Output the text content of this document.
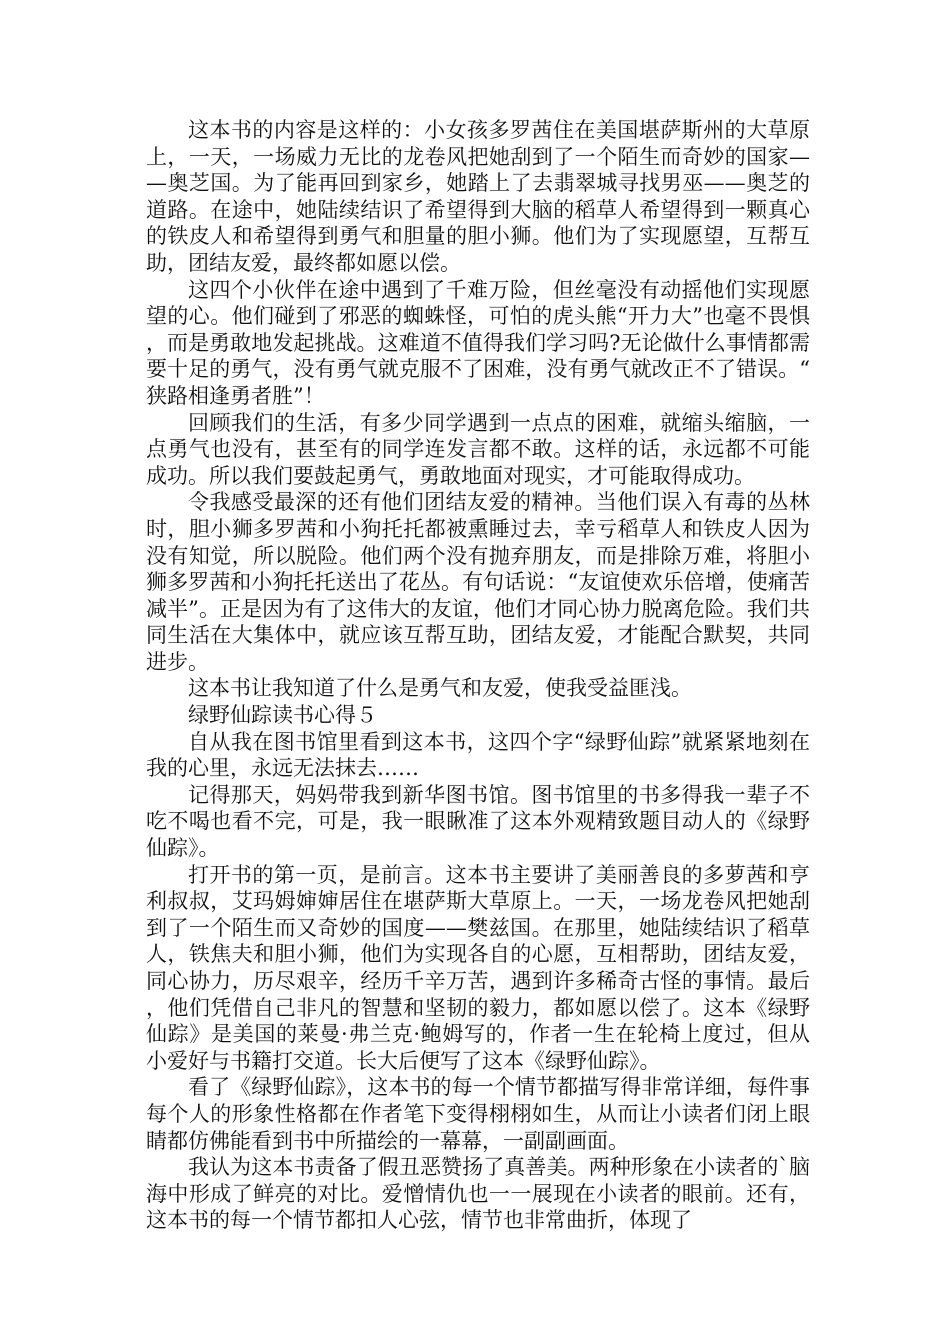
这本书的内容是这样的：小女孩多罗茜住在美国堪萨斯州的大草原上，一天，一场威力无比的龙卷风把她刮到了一个陌生而奇妙的国家——奥芝国。为了能再回到家乡，她踏上了去翡翠城寻找男巫——奥芝的道路。在途中，她陆续结识了希望得到大脑的稻草人希望得到一颗真心的铁皮人和希望得到勇气和胆量的胆小狮。他们为了实现愿望，互帮互助，团结友爱，最终都如愿以偿。

这四个小伙伴在途中遇到了千难万险，但丝毫没有动摇他们实现愿望的心。他们碰到了邪恶的蜘蛛怪，可怕的虎头熊“开力大”也毫不畏惧，而是勇敢地发起挑战。这难道不值得我们学习吗?无论做什么事情都需要十足的勇气，没有勇气就克服不了困难，没有勇气就改正不了错误。“狭路相逢勇者胜”！

回顾我们的生活，有多少同学遇到一点点的困难，就缩头缩脑，一点勇气也没有，甚至有的同学连发言都不敢。这样的话，永远都不可能成功。所以我们要鼓起勇气，勇敢地面对现实，才可能取得成功。

令我感受最深的还有他们团结友爱的精神。当他们误入有毒的丛林时，胆小狮多罗茜和小狗托托都被熏睡过去，幸亏稻草人和铁皮人因为没有知觉，所以脱险。他们两个没有抛弃朋友，而是排除万难，将胆小狮多罗茜和小狗托托送出了花丛。有句话说：“友谊使欢乐倍增，使痛苦减半”。正是因为有了这伟大的友谊，他们才同心协力脱离危险。我们共同生活在大集体中，就应该互帮互助，团结友爱，才能配合默契，共同进步。

这本书让我知道了什么是勇气和友爱，使我受益匪浅。

绿野仙踪读书心得５

自从我在图书馆里看到这本书，这四个字“绿野仙踪”就紧紧地刻在我的心里，永远无法抹去……

记得那天，妈妈带我到新华图书馆。图书馆里的书多得我一辈子不吃不喝也看不完，可是，我一眼瞅准了这本外观精致题目动人的《绿野仙踪》。

打开书的第一页，是前言。这本书主要讲了美丽善良的多萝茜和亨利叔叔，艾玛姆婶婶居住在堪萨斯大草原上。一天，一场龙卷风把她刮到了一个陌生而又奇妙的国度——樊兹国。在那里，她陆续结识了稻草人，铁焦夫和胆小狮，他们为实现各自的心愿，互相帮助，团结友爱，同心协力，历尽艰辛，经历千辛万苦，遇到许多稀奇古怪的事情。最后，他们凭借自己非凡的智慧和坚韧的毅力，都如愿以偿了。这本《绿野仙踪》是美国的莱曼·弗兰克·鲍姆写的，作者一生在轮椅上度过，但从小爱好与书籍打交道。长大后便写了这本《绿野仙踪》。

看了《绿野仙踪》，这本书的每一个情节都描写得非常详细，每件事每个人的形象性格都在作者笔下变得栩栩如生，从而让小读者们闭上眼睛都仿佛能看到书中所描绘的一幕幕，一副副画面。

我认为这本书责备了假丑恶赞扬了真善美。两种形象在小读者的`脑海中形成了鲜亮的对比。爱憎情仇也一一展现在小读者的眼前。还有，这本书的每一个情节都扣人心弦，情节也非常曲折，体现了
